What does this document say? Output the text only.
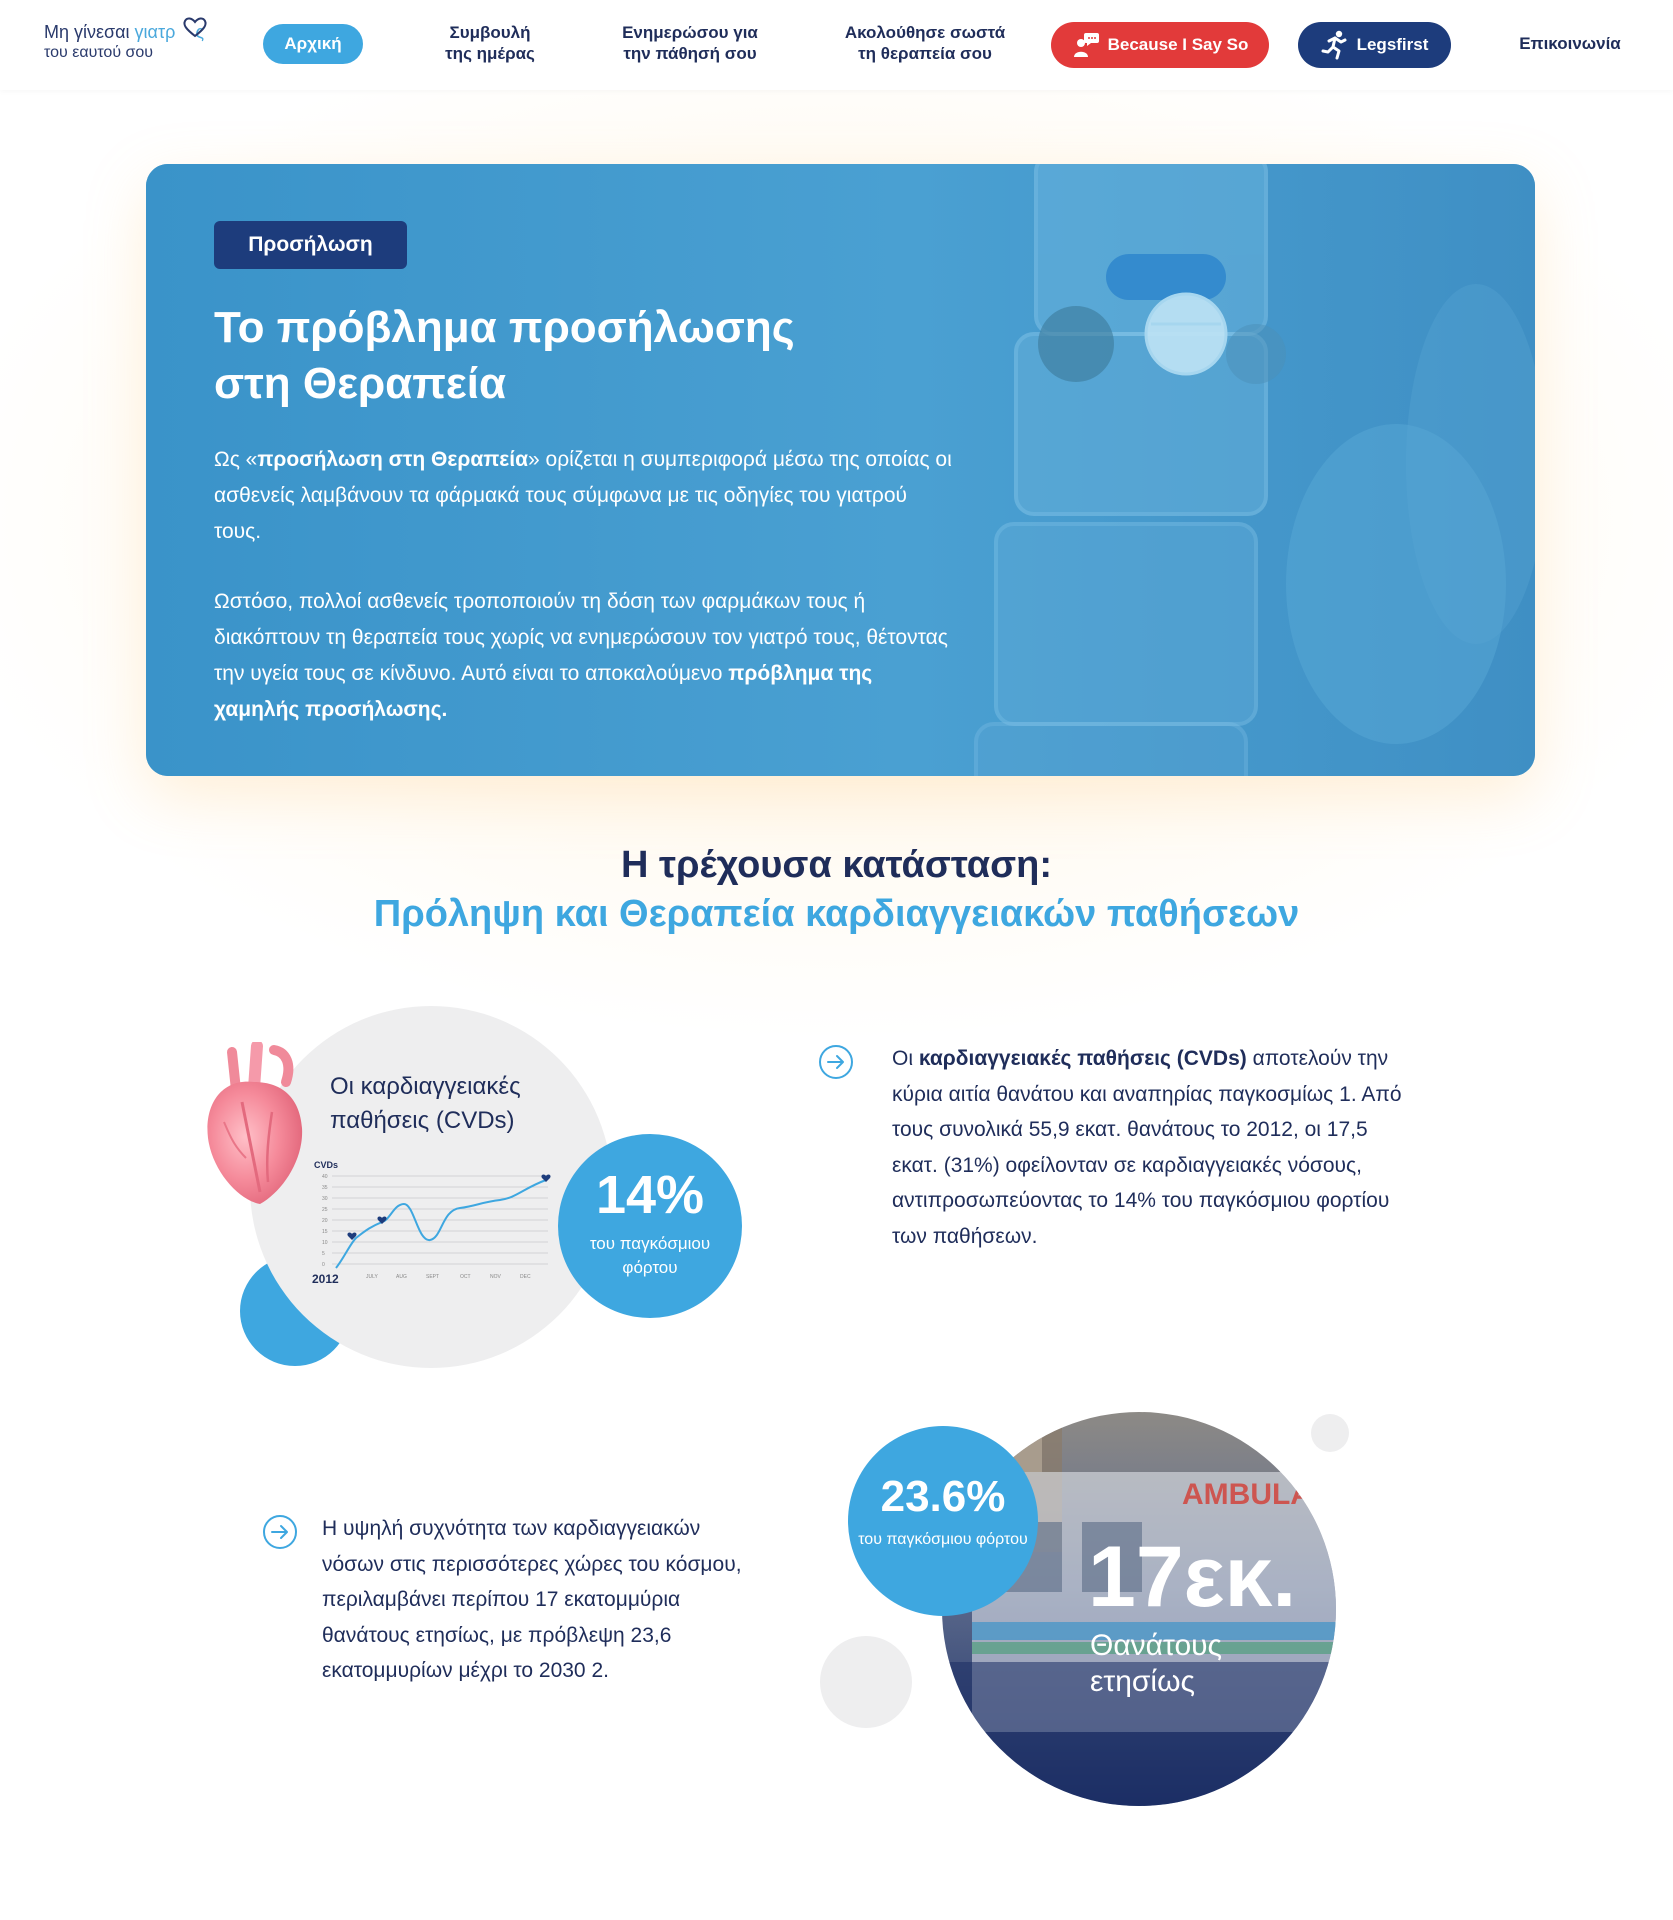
Μη γίνεσαι γιατρ ς
του εαυτού σου	Αρχική
Συμβουλή
της ημέρας
Ενημερώσου για
την πάθησή σου
Ακολούθησε σωστά
τη θεραπεία σου	Because I Say So	Legsfirst	Επικοινωνία
Προσήλωση
Το πρόβλημα προσήλωσης
στη Θεραπεία
Ως «προσήλωση στη Θεραπεία» ορίζεται η συμπεριφορά μέσω της οποίας οι ασθενείς λαμβάνουν τα φάρμακά τους σύμφωνα με τις οδηγίες του γιατρού τους.
Ωστόσο, πολλοί ασθενείς τροποποιούν τη δόση των φαρμάκων τους ή διακόπτουν τη θεραπεία τους χωρίς να ενημερώσουν τον γιατρό τους, θέτοντας την υγεία τους σε κίνδυνο. Αυτό είναι το αποκαλούμενο πρόβλημα της χαμηλής προσήλωσης.
Η τρέχουσα κατάσταση:
Πρόληψη και Θεραπεία καρδιαγγειακών παθήσεων
Οι καρδιαγγειακές
παθήσεις (CVDs)
CVDs
40
35
30
25
20
15
10
5
0
2012	JULY	AUG	SEPT	OCT	NOV	DEC
14%
του παγκόσμιου φόρτου
Οι καρδιαγγειακές παθήσεις (CVDs) αποτελούν την κύρια αιτία θανάτου και αναπηρίας παγκοσμίως 1. Από τους συνολικά 55,9 εκατ. θανάτους το 2012, οι 17,5 εκατ. (31%) οφείλονταν σε καρδιαγγειακές νόσους, αντιπροσωπεύοντας το 14% του παγκόσμιου φορτίου των παθήσεων.
Η υψηλή συχνότητα των καρδιαγγειακών νόσων στις περισσότερες χώρες του κόσμου, περιλαμβάνει περίπου 17 εκατομμύρια θανάτους ετησίως, με πρόβλεψη 23,6 εκατομμυρίων μέχρι το 2030 2.
AMBULA
17εκ.
Θανάτους
ετησίως
23.6%
του παγκόσμιου φόρτου
